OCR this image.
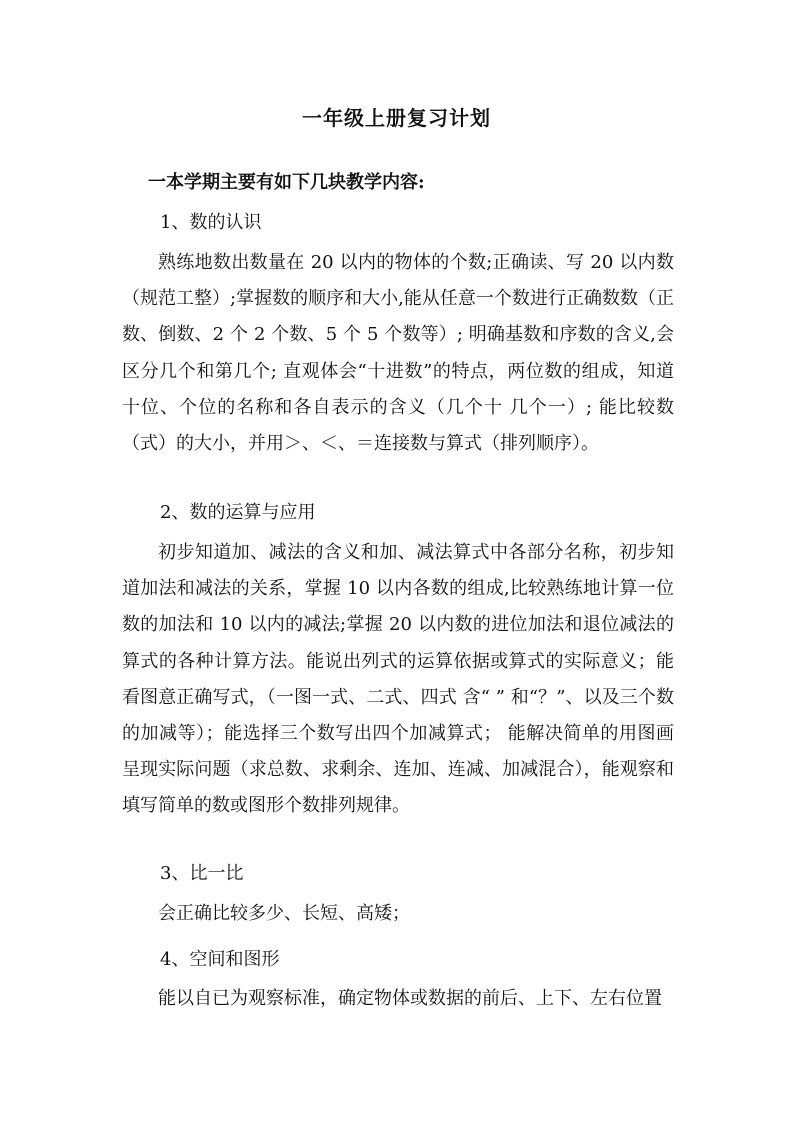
一年级上册复习计划
一本学期主要有如下几块教学内容:
1、数的认识

熟练地数出数量在 20 以内的物体的个数;正确读、写 20 以内数（规范工整）;掌握数的顺序和大小,能从任意一个数进行正确数数（正数、倒数、2 个 2 个数、5 个 5 个数等）; 明确基数和序数的含义,会区分几个和第几个; 直观体会“十进数”的特点，两位数的组成，知道十位、个位的名称和各自表示的含义（几个十 几个一）; 能比较数（式）的大小，并用＞、＜、＝连接数与算式（排列顺序）。

2、数的运算与应用

初步知道加、减法的含义和加、减法算式中各部分名称，初步知道加法和减法的关系，掌握 10 以内各数的组成,比较熟练地计算一位数的加法和 10 以内的减法;掌握 20 以内数的进位加法和退位减法的算式的各种计算方法。能说出列式的运算依据或算式的实际意义；能看图意正确写式，（一图一式、二式、四式 含“ ” 和“？”、以及三个数的加减等）；能选择三个数写出四个加减算式； 能解决简单的用图画呈现实际问题（求总数、求剩余、连加、连减、加减混合），能观察和填写简单的数或图形个数排列规律。

3、比一比

会正确比较多少、长短、高矮；

4、空间和图形

能以自已为观察标准，确定物体或数据的前后、上下、左右位置
